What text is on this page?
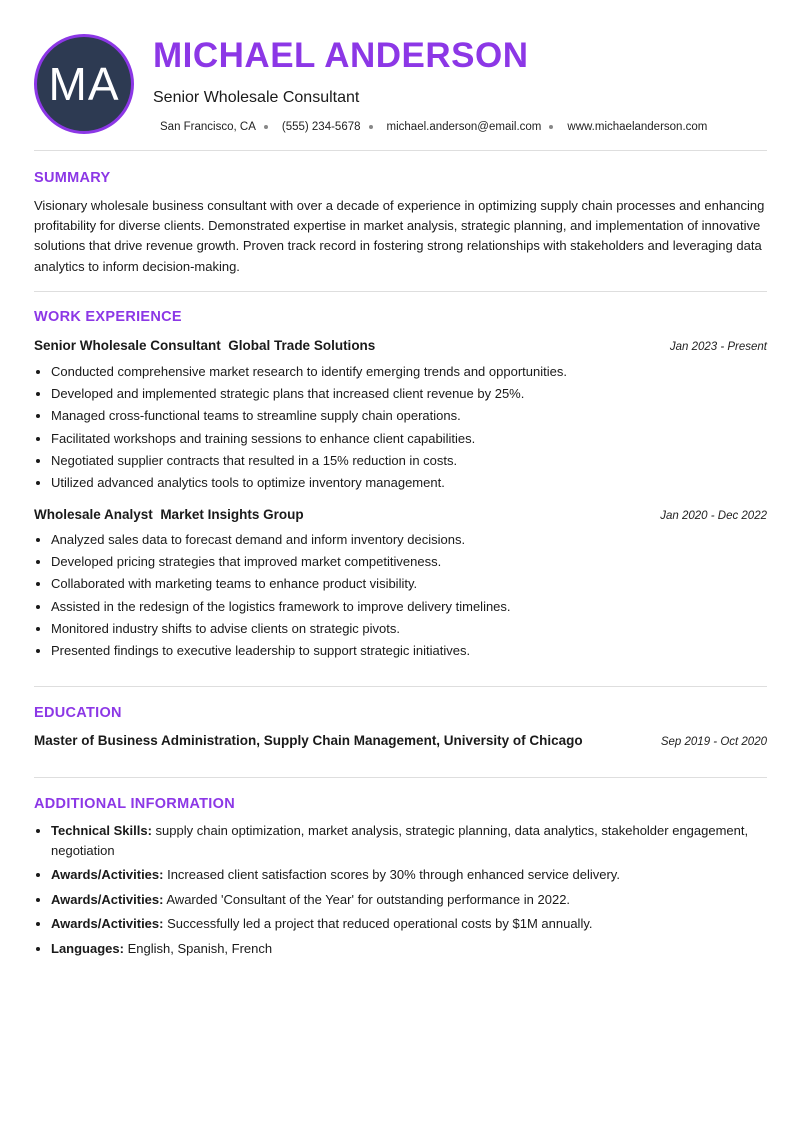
MA
MICHAEL ANDERSON
Senior Wholesale Consultant
San Francisco, CA (555) 234-5678 michael.anderson@email.com www.michaelanderson.com
SUMMARY

Visionary wholesale business consultant with over a decade of experience in optimizing supply chain processes and enhancing profitability for diverse clients. Demonstrated expertise in market analysis, strategic planning, and implementation of innovative solutions that drive revenue growth. Proven track record in fostering strong relationships with stakeholders and leveraging data analytics to inform decision-making.

WORK EXPERIENCE
Senior Wholesale Consultant Global Trade Solutions	Jan 2023 - Present
• Conducted comprehensive market research to identify emerging trends and opportunities.
• Developed and implemented strategic plans that increased client revenue by 25%.
• Managed cross-functional teams to streamline supply chain operations.
• Facilitated workshops and training sessions to enhance client capabilities.
• Negotiated supplier contracts that resulted in a 15% reduction in costs.
• Utilized advanced analytics tools to optimize inventory management.
Wholesale Analyst Market Insights Group	Jan 2020 - Dec 2022
• Analyzed sales data to forecast demand and inform inventory decisions.
• Developed pricing strategies that improved market competitiveness.
• Collaborated with marketing teams to enhance product visibility.
• Assisted in the redesign of the logistics framework to improve delivery timelines.
• Monitored industry shifts to advise clients on strategic pivots.
• Presented findings to executive leadership to support strategic initiatives.
EDUCATION
Master of Business Administration, Supply Chain Management, University of Chicago	Sep 2019 - Oct 2020
ADDITIONAL INFORMATION
• Technical Skills: supply chain optimization, market analysis, strategic planning, data analytics, stakeholder engagement, negotiation
• Awards/Activities: Increased client satisfaction scores by 30% through enhanced service delivery.
• Awards/Activities: Awarded 'Consultant of the Year' for outstanding performance in 2022.
• Awards/Activities: Successfully led a project that reduced operational costs by $1M annually.
• Languages: English, Spanish, French
